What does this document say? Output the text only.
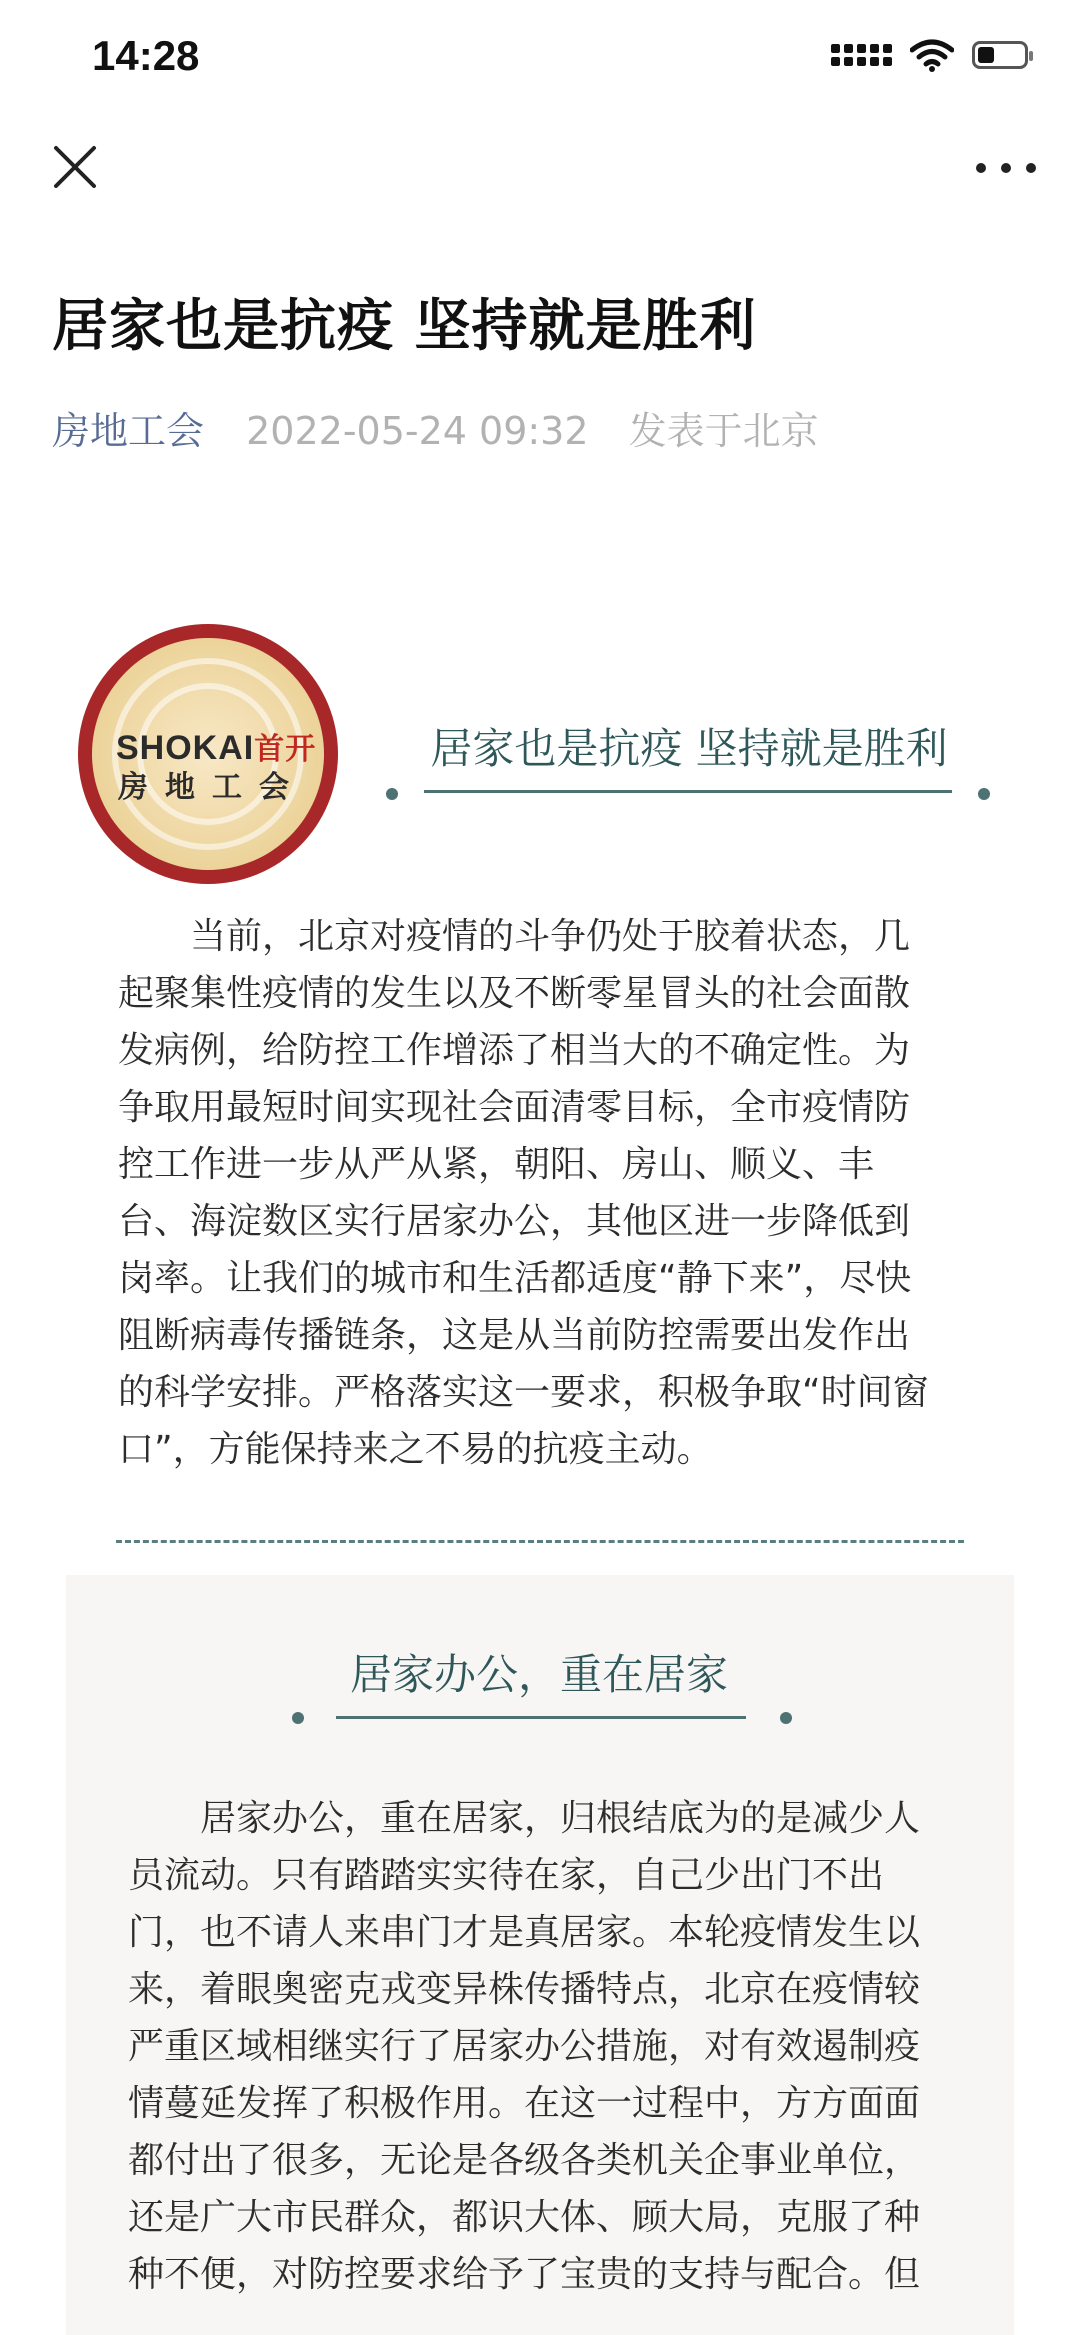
14:28
居家也是抗疫 坚持就是胜利
房地工会 2022-05-24 09:32 发表于北京
SHOKAI首开
房地工会
居家也是抗疫 坚持就是胜利
　　当前，北京对疫情的斗争仍处于胶着状态，几
起聚集性疫情的发生以及不断零星冒头的社会面散
发病例，给防控工作增添了相当大的不确定性。为
争取用最短时间实现社会面清零目标，全市疫情防
控工作进一步从严从紧，朝阳、房山、顺义、丰
台、海淀数区实行居家办公，其他区进一步降低到
岗率。让我们的城市和生活都适度“静下来”，尽快
阻断病毒传播链条，这是从当前防控需要出发作出
的科学安排。严格落实这一要求，积极争取“时间窗
口”，方能保持来之不易的抗疫主动。
居家办公，重在居家
　　居家办公，重在居家，归根结底为的是减少人
员流动。只有踏踏实实待在家，自己少出门不出
门，也不请人来串门才是真居家。本轮疫情发生以
来，着眼奥密克戎变异株传播特点，北京在疫情较
严重区域相继实行了居家办公措施，对有效遏制疫
情蔓延发挥了积极作用。在这一过程中，方方面面
都付出了很多，无论是各级各类机关企事业单位，
还是广大市民群众，都识大体、顾大局，克服了种
种不便，对防控要求给予了宝贵的支持与配合。但
